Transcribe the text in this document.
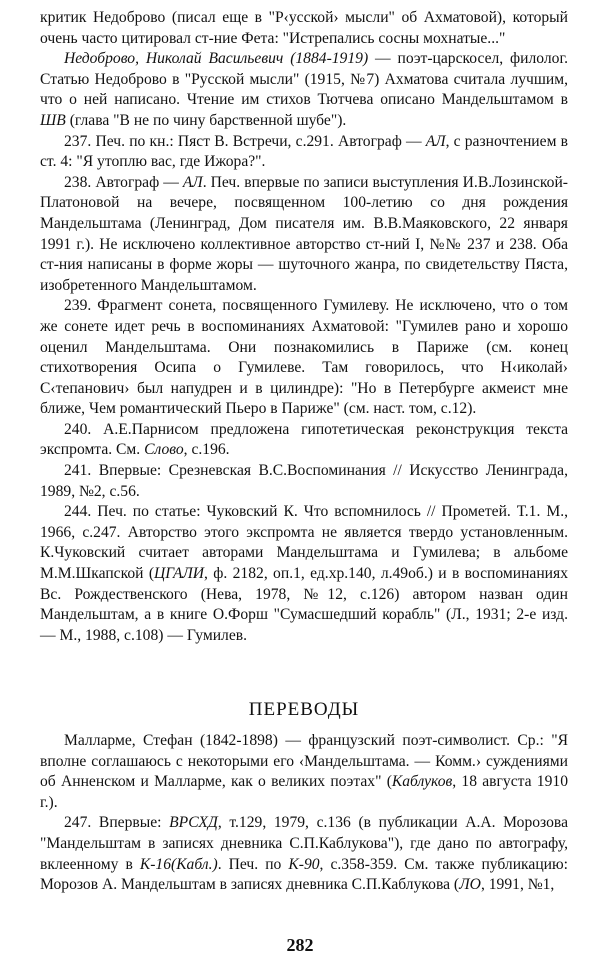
критик Недоброво (писал еще в "Р‹усской› мысли" об Ахматовой), который очень часто цитировал ст-ние Фета: "Истрепались сосны мохнатые..."

Недоброво, Николай Васильевич (1884-1919) — поэт-царскосел, филолог. Статью Недоброво в "Русской мысли" (1915, №7) Ахматова считала лучшим, что о ней написано. Чтение им стихов Тютчева описано Мандельштамом в ШВ (глава "В не по чину барственной шубе").

237. Печ. по кн.: Пяст В. Встречи, с.291. Автограф — АЛ, с разночтением в ст. 4: "Я утоплю вас, где Ижора?".

238. Автограф — АЛ. Печ. впервые по записи выступления И.В.Лозинской-Платоновой на вечере, посвященном 100-летию со дня рождения Мандельштама (Ленинград, Дом писателя им. В.В.Маяковского, 22 января 1991 г.). Не исключено коллективное авторство ст-ний I, №№ 237 и 238. Оба ст-ния написаны в форме жоры — шуточного жанра, по свидетельству Пяста, изобретенного Мандельштамом.

239. Фрагмент сонета, посвященного Гумилеву. Не исключено, что о том же сонете идет речь в воспоминаниях Ахматовой: "Гумилев рано и хорошо оценил Мандельштама. Они познакомились в Париже (см. конец стихотворения Осипа о Гумилеве. Там говорилось, что Н‹иколай› С‹тепанович› был напудрен и в цилиндре): "Но в Петербурге акмеист мне ближе, Чем романтический Пьеро в Париже" (см. наст. том, с.12).

240. А.Е.Парнисом предложена гипотетическая реконструкция текста экспромта. См. Слово, с.196.

241. Впервые: Срезневская В.С.Воспоминания // Искусство Ленинграда, 1989, №2, с.56.

244. Печ. по статье: Чуковский К. Что вспомнилось // Прометей. Т.1. М., 1966, с.247. Авторство этого экспромта не является твердо установленным. К.Чуковский считает авторами Мандельштама и Гумилева; в альбоме М.М.Шкапской (ЦГАЛИ, ф. 2182, оп.1, ед.хр.140, л.49об.) и в воспоминаниях Вс. Рождественского (Нева, 1978, №12, с.126) автором назван один Мандельштам, а в книге О.Форш "Сумасшедший корабль" (Л., 1931; 2-е изд. — М., 1988, с.108) — Гумилев.

ПЕРЕВОДЫ

Малларме, Стефан (1842-1898) — французский поэт-символист. Ср.: "Я вполне соглашаюсь с некоторыми его ‹Мандельштама. — Комм.› суждениями об Анненском и Малларме, как о великих поэтах" (Каблуков, 18 августа 1910 г.).

247. Впервые: ВРСХД, т.129, 1979, с.136 (в публикации А.А. Морозова "Мандельштам в записях дневника С.П.Каблукова"), где дано по автографу, вклеенному в К-16(Кабл.). Печ. по К-90, с.358-359. См. также публикацию: Морозов А. Мандельштам в записях дневника С.П.Каблукова (ЛО, 1991, №1,

282
